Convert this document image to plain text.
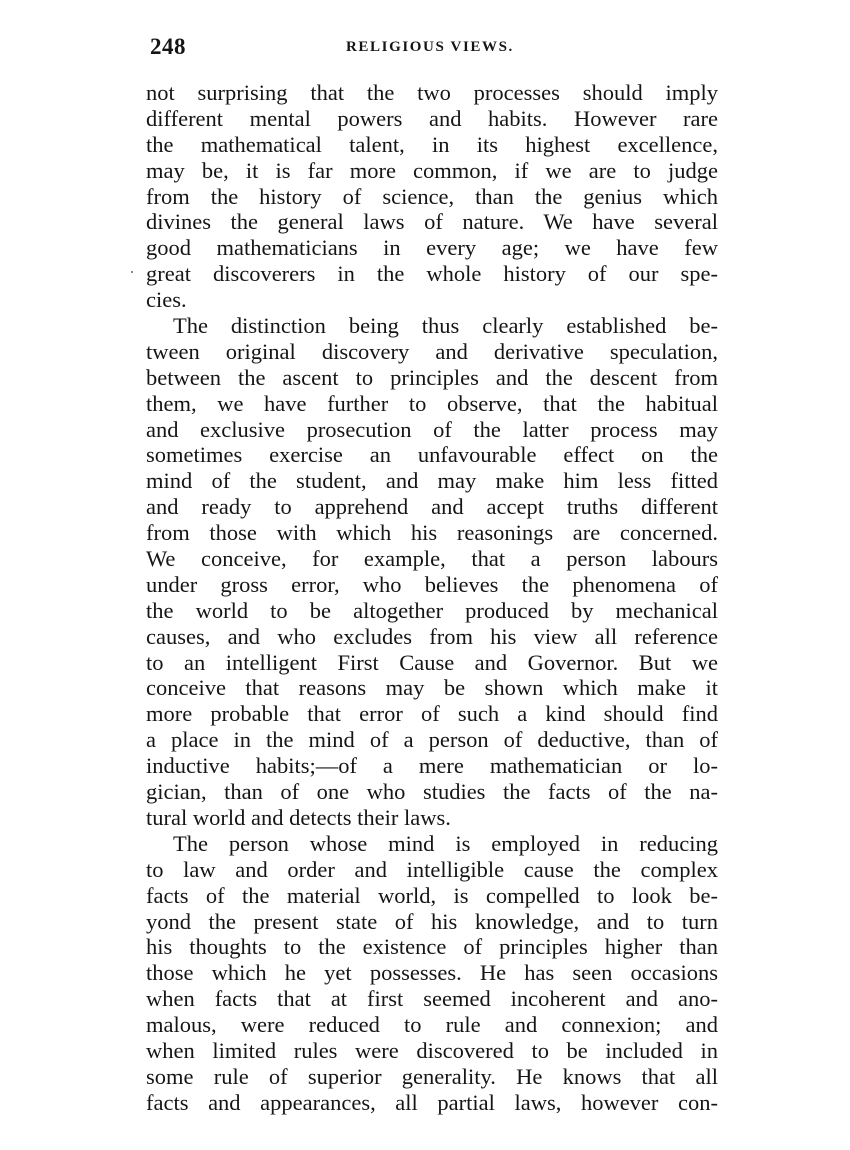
248	RELIGIOUS VIEWS.
not surprising that the two processes should imply
different mental powers and habits. However rare
the mathematical talent, in its highest excellence,
may be, it is far more common, if we are to judge
from the history of science, than the genius which
divines the general laws of nature. We have several
good mathematicians in every age; we have few
great discoverers in the whole history of our spe-
cies.
The distinction being thus clearly established be-
tween original discovery and derivative speculation,
between the ascent to principles and the descent from
them, we have further to observe, that the habitual
and exclusive prosecution of the latter process may
sometimes exercise an unfavourable effect on the
mind of the student, and may make him less fitted
and ready to apprehend and accept truths different
from those with which his reasonings are concerned.
We conceive, for example, that a person labours
under gross error, who believes the phenomena of
the world to be altogether produced by mechanical
causes, and who excludes from his view all reference
to an intelligent First Cause and Governor. But we
conceive that reasons may be shown which make it
more probable that error of such a kind should find
a place in the mind of a person of deductive, than of
inductive habits;—of a mere mathematician or lo-
gician, than of one who studies the facts of the na-
tural world and detects their laws.
The person whose mind is employed in reducing
to law and order and intelligible cause the complex
facts of the material world, is compelled to look be-
yond the present state of his knowledge, and to turn
his thoughts to the existence of principles higher than
those which he yet possesses. He has seen occasions
when facts that at first seemed incoherent and ano-
malous, were reduced to rule and connexion; and
when limited rules were discovered to be included in
some rule of superior generality. He knows that all
facts and appearances, all partial laws, however con-
